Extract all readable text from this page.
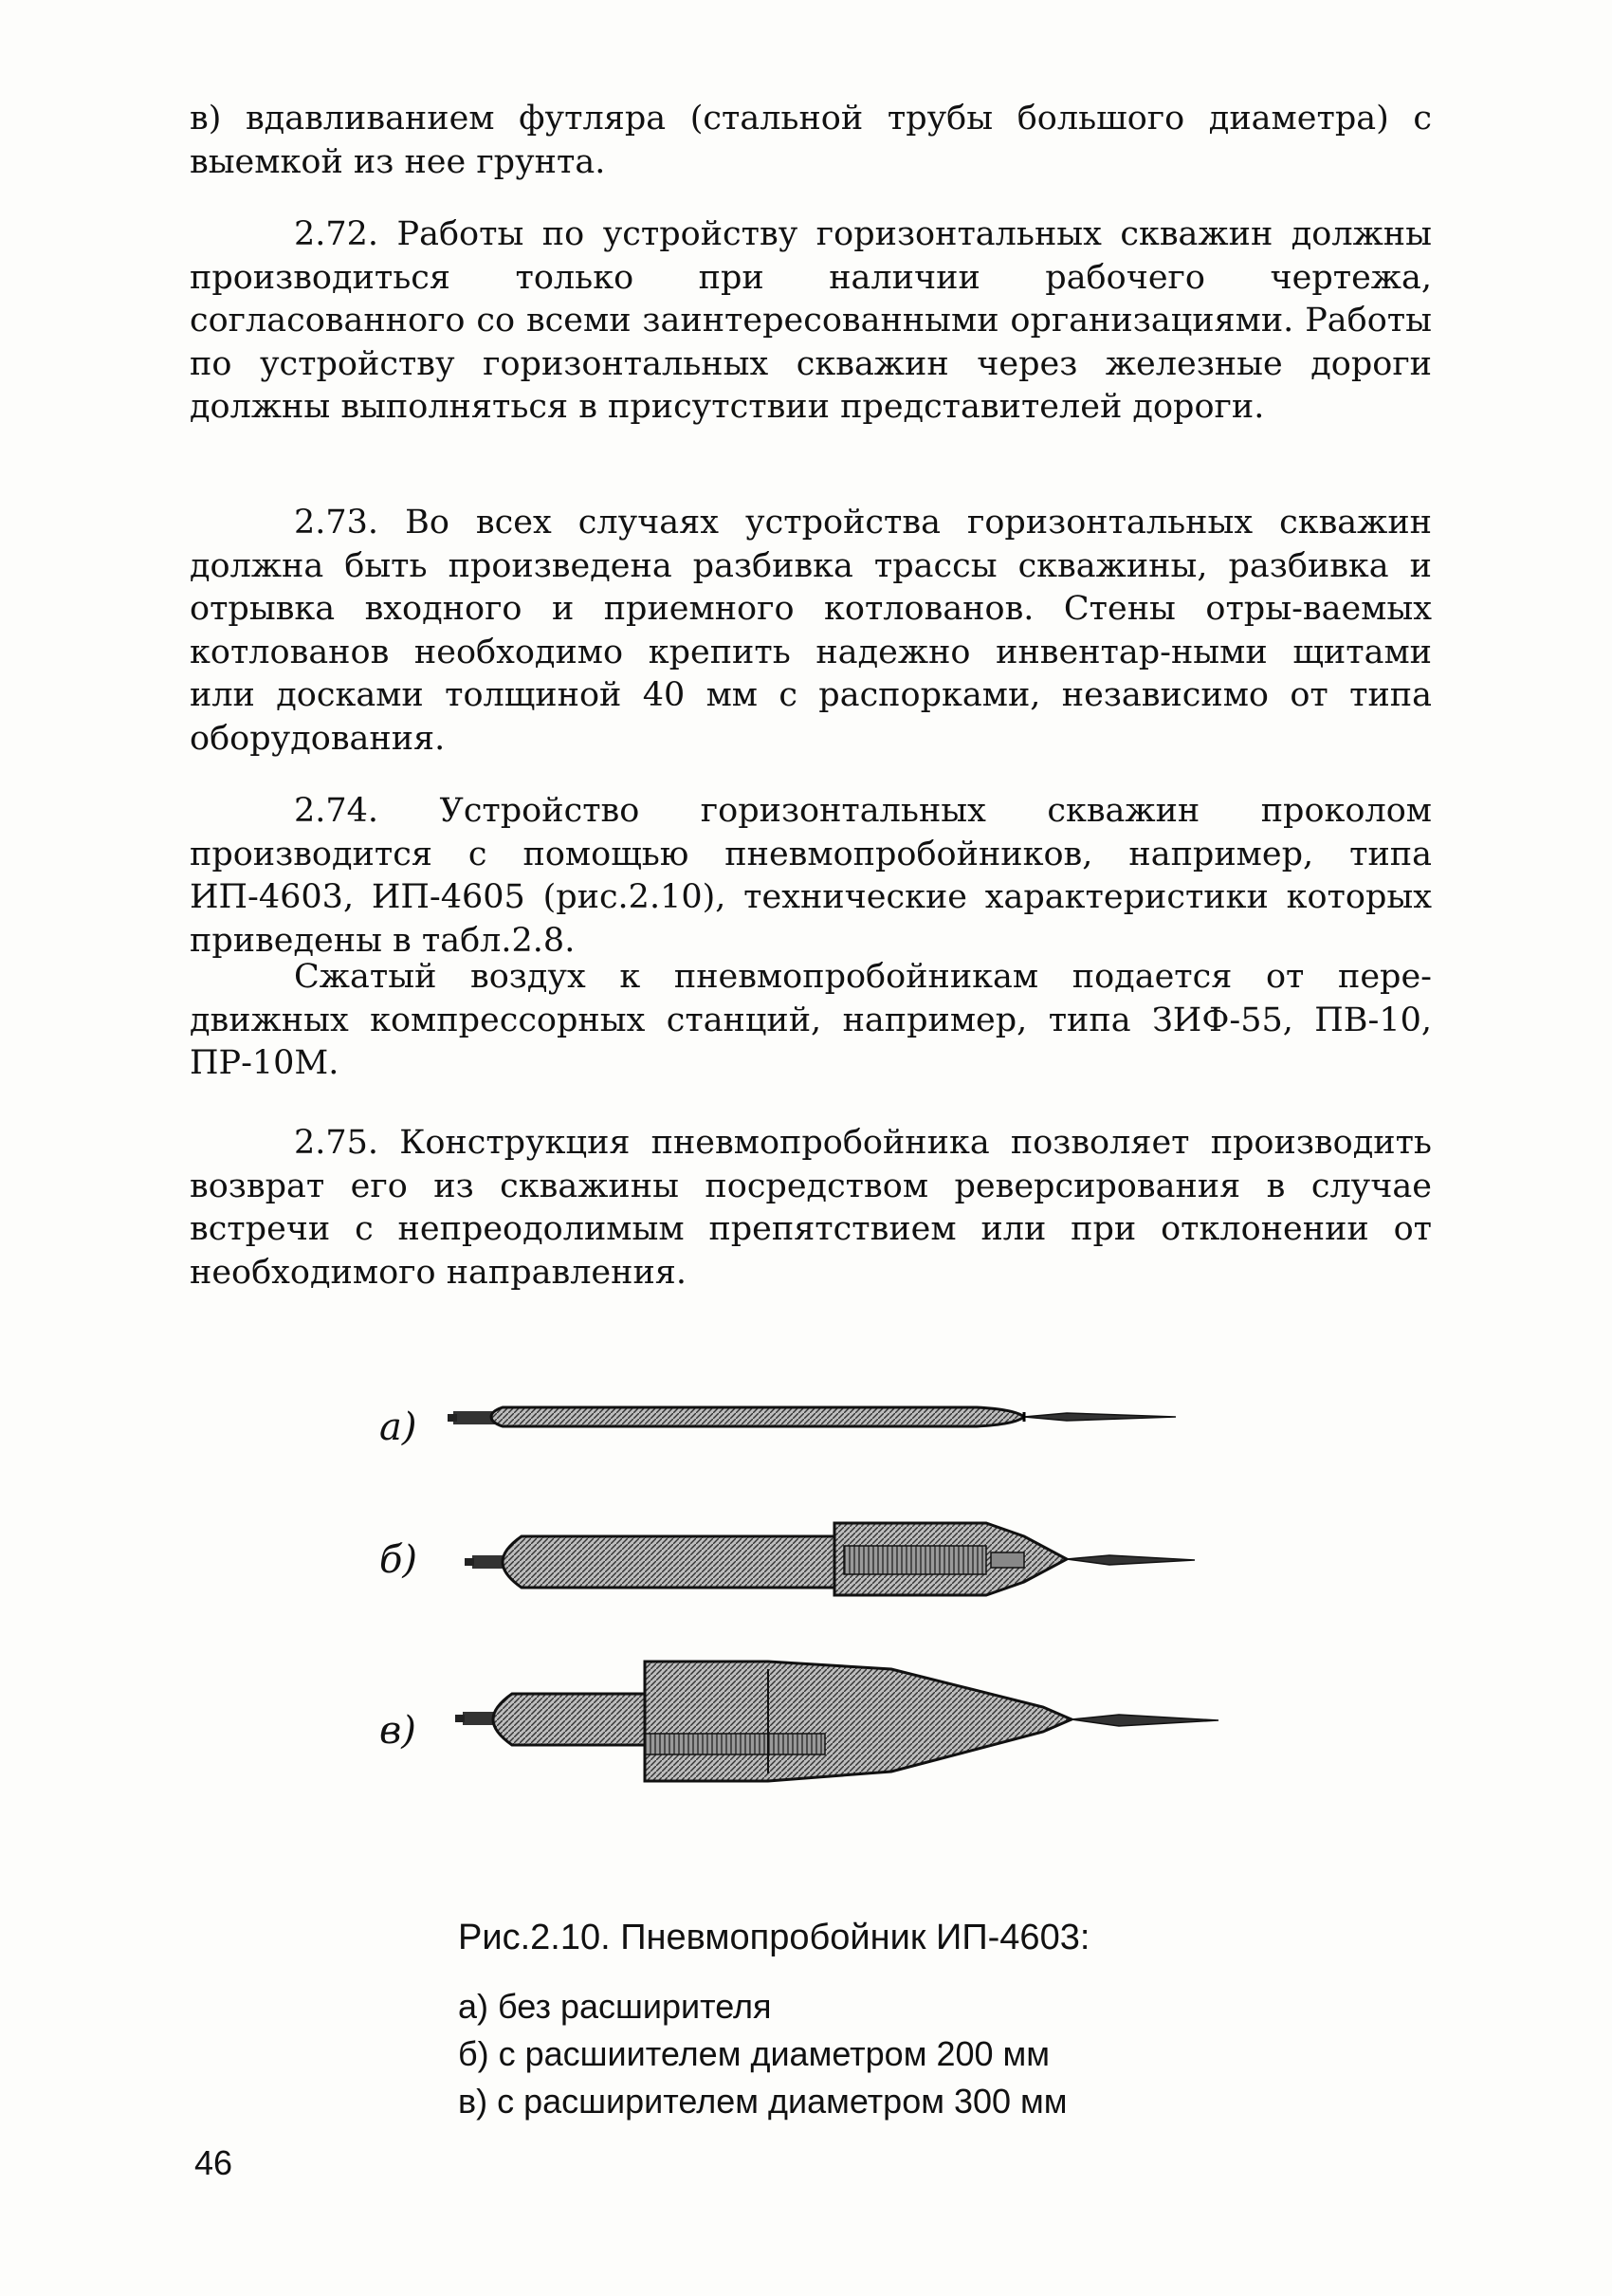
в) вдавливанием футляра (стальной трубы большого диаметра) с выемкой из нее грунта.

2.72. Работы по устройству горизонтальных скважин должны производиться только при наличии рабочего чертежа, согласованного со всеми заинтересованными организациями. Работы по устройству горизонтальных скважин через железные дороги должны выполняться в присутствии представителей дороги.

2.73. Во всех случаях устройства горизонтальных скважин должна быть произведена разбивка трассы скважины, разбивка и отрывка входного и приемного котлованов. Стены отры-ваемых котлованов необходимо крепить надежно инвентар-ными щитами или досками толщиной 40 мм с распорками, независимо от типа оборудования.

2.74. Устройство горизонтальных скважин проколом производится с помощью пневмопробойников, например, типа ИП-4603, ИП-4605 (рис.2.10), технические характеристики которых приведены в табл.2.8.

Сжатый воздух к пневмопробойникам подается от пере-движных компрессорных станций, например, типа ЗИФ-55, ПВ-10, ПР-10М.

2.75. Конструкция пневмопробойника позволяет производить возврат его из скважины посредством реверсирования в случае встречи с непреодолимым препятствием или при отклонении от необходимого направления.

а)
б)
в)
Рис.2.10. Пневмопробойник ИП-4603:
а) без расширителя
б) с расшиителем диаметром 200 мм
в) с расширителем диаметром 300 мм
46
